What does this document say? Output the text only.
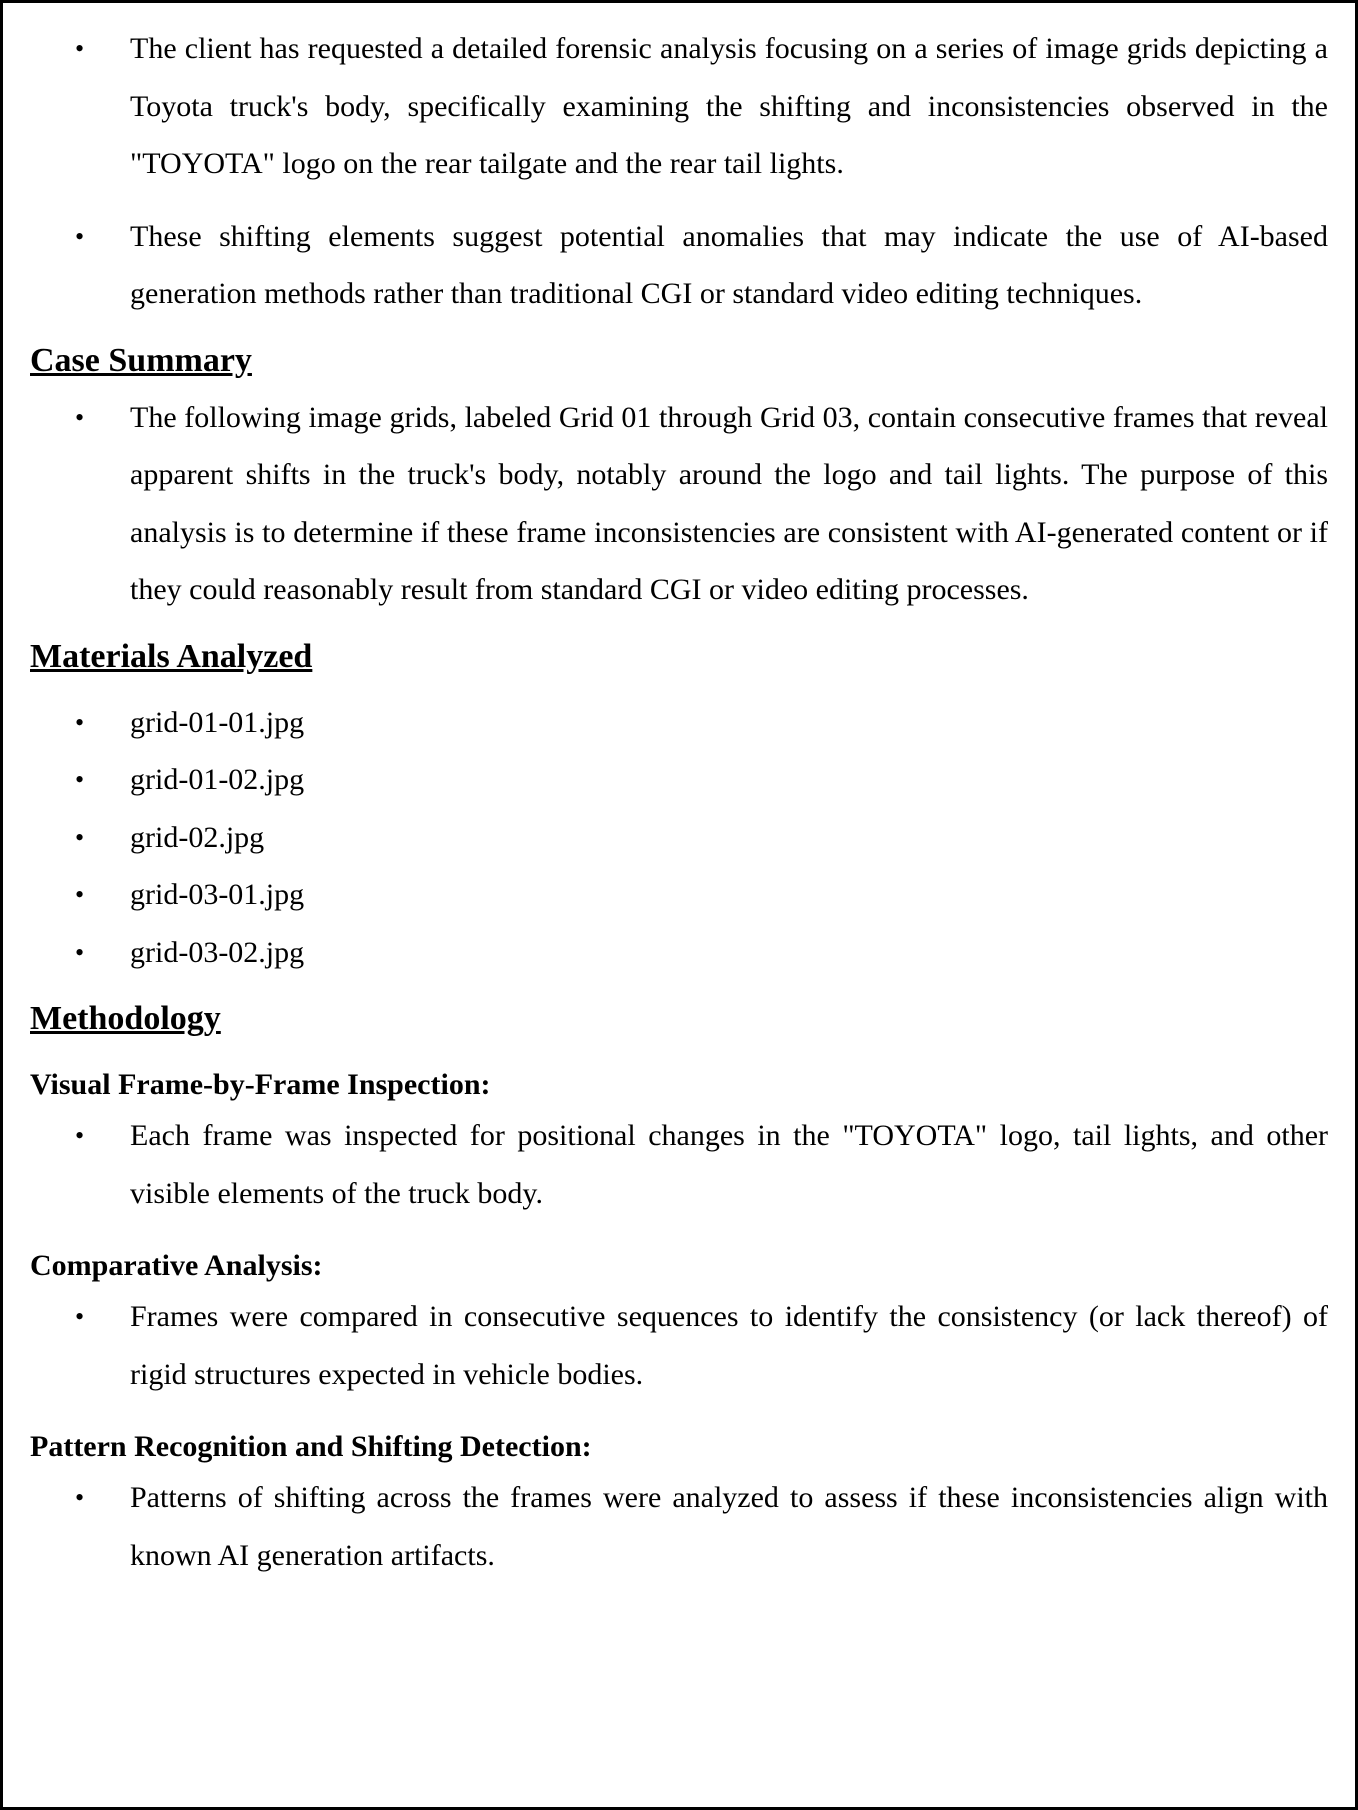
• The client has requested a detailed forensic analysis focusing on a series of image grids depicting a Toyota truck's body, specifically examining the shifting and inconsistencies observed in the "TOYOTA" logo on the rear tailgate and the rear tail lights.
• These shifting elements suggest potential anomalies that may indicate the use of AI-based generation methods rather than traditional CGI or standard video editing techniques.
Case Summary
• The following image grids, labeled Grid 01 through Grid 03, contain consecutive frames that reveal apparent shifts in the truck's body, notably around the logo and tail lights. The purpose of this analysis is to determine if these frame inconsistencies are consistent with AI-generated content or if they could reasonably result from standard CGI or video editing processes.
Materials Analyzed
• grid-01-01.jpg
• grid-01-02.jpg
• grid-02.jpg
• grid-03-01.jpg
• grid-03-02.jpg
Methodology
Visual Frame-by-Frame Inspection:
• Each frame was inspected for positional changes in the "TOYOTA" logo, tail lights, and other visible elements of the truck body.
Comparative Analysis:
• Frames were compared in consecutive sequences to identify the consistency (or lack thereof) of rigid structures expected in vehicle bodies.
Pattern Recognition and Shifting Detection:
• Patterns of shifting across the frames were analyzed to assess if these inconsistencies align with known AI generation artifacts.
